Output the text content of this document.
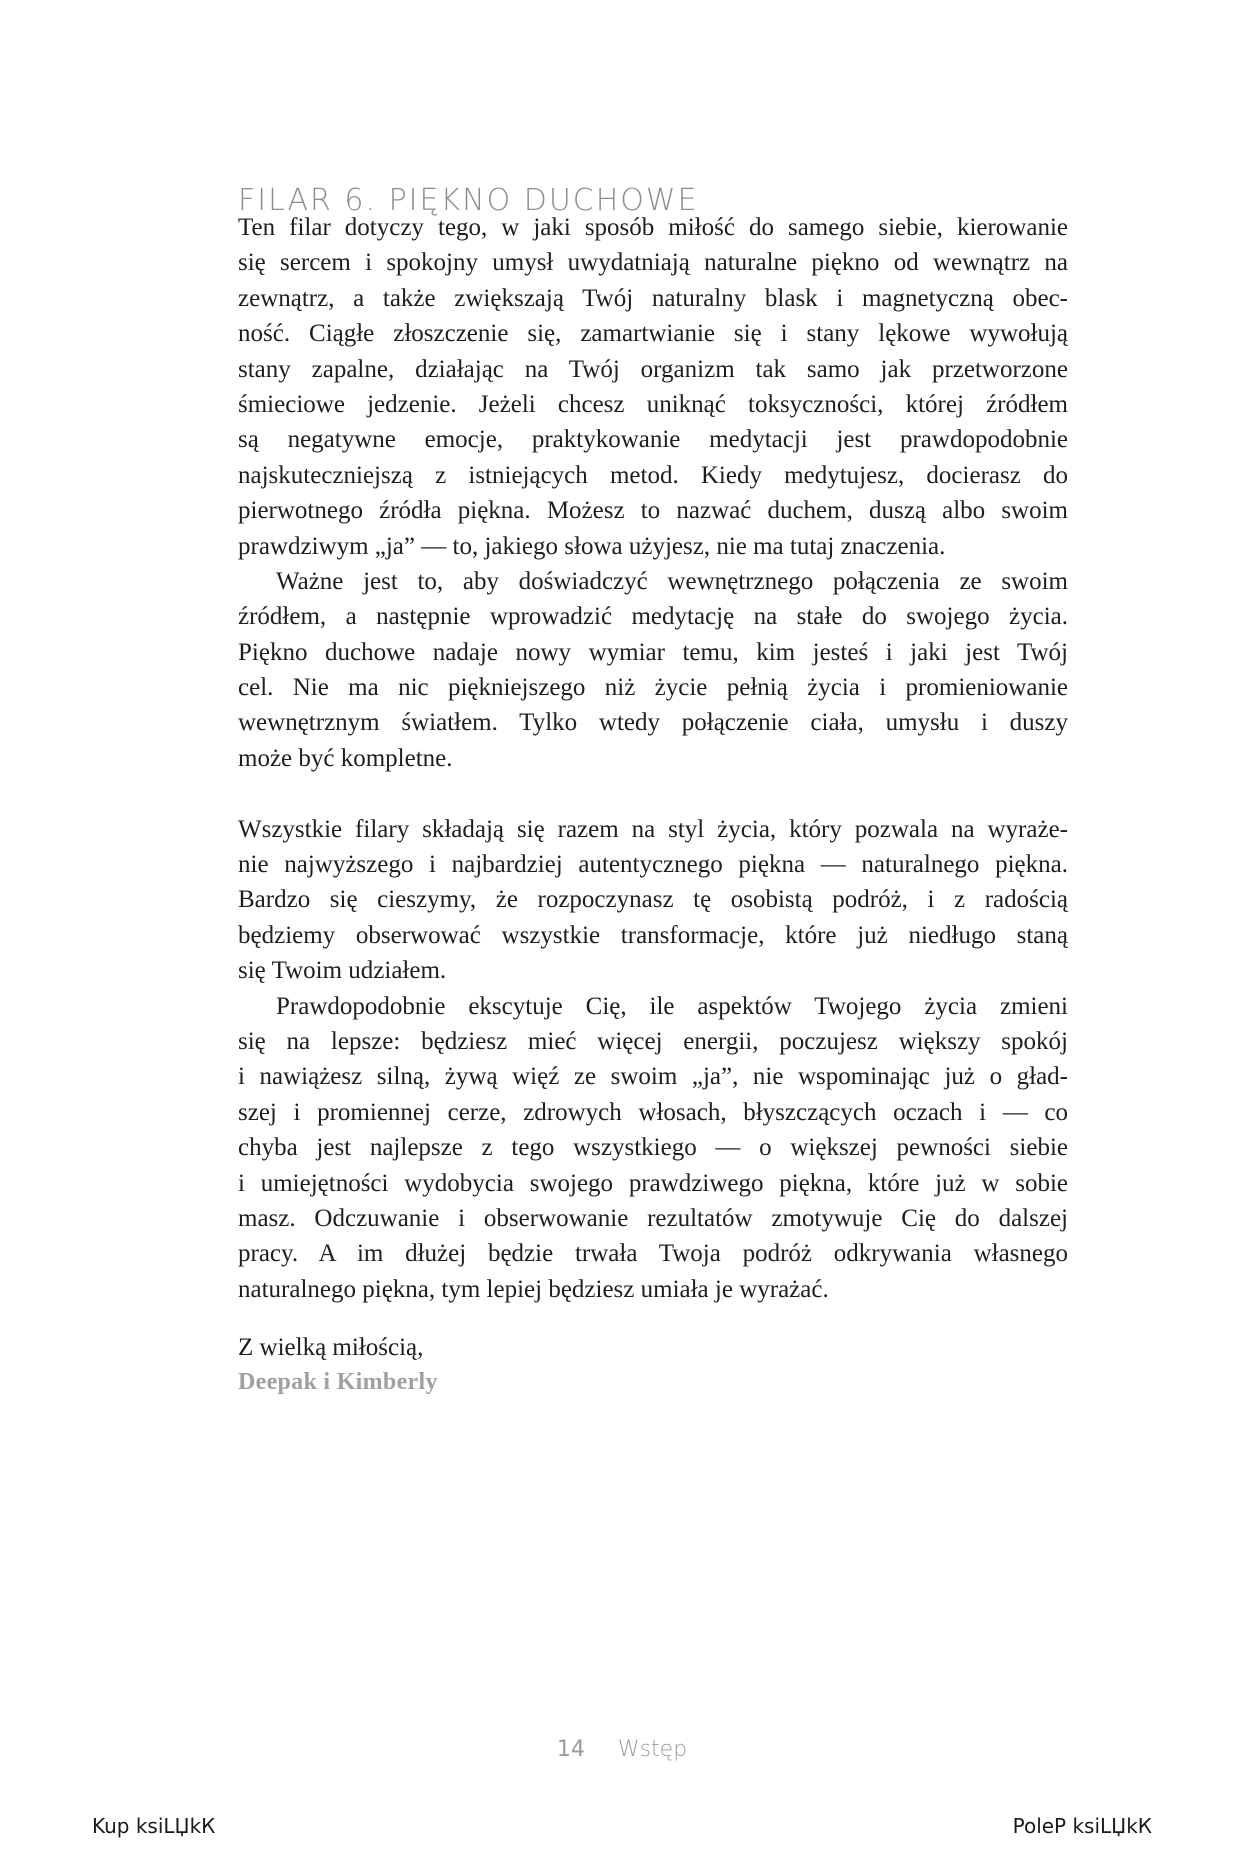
FILAR 6. PIĘKNO DUCHOWE
Ten filar dotyczy tego, w jaki sposób miłość do samego siebie, kierowanie
się sercem i spokojny umysł uwydatniają naturalne piękno od wewnątrz na
zewnątrz, a także zwiększają Twój naturalny blask i magnetyczną obec-
ność. Ciągłe złoszczenie się, zamartwianie się i stany lękowe wywołują
stany zapalne, działając na Twój organizm tak samo jak przetworzone
śmieciowe jedzenie. Jeżeli chcesz uniknąć toksyczności, której źródłem
są negatywne emocje, praktykowanie medytacji jest prawdopodobnie
najskuteczniejszą z istniejących metod. Kiedy medytujesz, docierasz do
pierwotnego źródła piękna. Możesz to nazwać duchem, duszą albo swoim
prawdziwym „ja” — to, jakiego słowa użyjesz, nie ma tutaj znaczenia.
Ważne jest to, aby doświadczyć wewnętrznego połączenia ze swoim
źródłem, a następnie wprowadzić medytację na stałe do swojego życia.
Piękno duchowe nadaje nowy wymiar temu, kim jesteś i jaki jest Twój
cel. Nie ma nic piękniejszego niż życie pełnią życia i promieniowanie
wewnętrznym światłem. Tylko wtedy połączenie ciała, umysłu i duszy
może być kompletne.
Wszystkie filary składają się razem na styl życia, który pozwala na wyraże-
nie najwyższego i najbardziej autentycznego piękna — naturalnego piękna.
Bardzo się cieszymy, że rozpoczynasz tę osobistą podróż, i z radością
będziemy obserwować wszystkie transformacje, które już niedługo staną
się Twoim udziałem.
Prawdopodobnie ekscytuje Cię, ile aspektów Twojego życia zmieni
się na lepsze: będziesz mieć więcej energii, poczujesz większy spokój
i nawiążesz silną, żywą więź ze swoim „ja”, nie wspominając już o gład-
szej i promiennej cerze, zdrowych włosach, błyszczących oczach i — co
chyba jest najlepsze z tego wszystkiego — o większej pewności siebie
i umiejętności wydobycia swojego prawdziwego piękna, które już w sobie
masz. Odczuwanie i obserwowanie rezultatów zmotywuje Cię do dalszej
pracy. A im dłużej będzie trwała Twoja podróż odkrywania własnego
naturalnego piękna, tym lepiej będziesz umiała je wyrażać.
Z wielką miłością,
Deepak i Kimberly
14 Wstęp
Kup ksiLЏkК	PoleР ksiLЏkК
